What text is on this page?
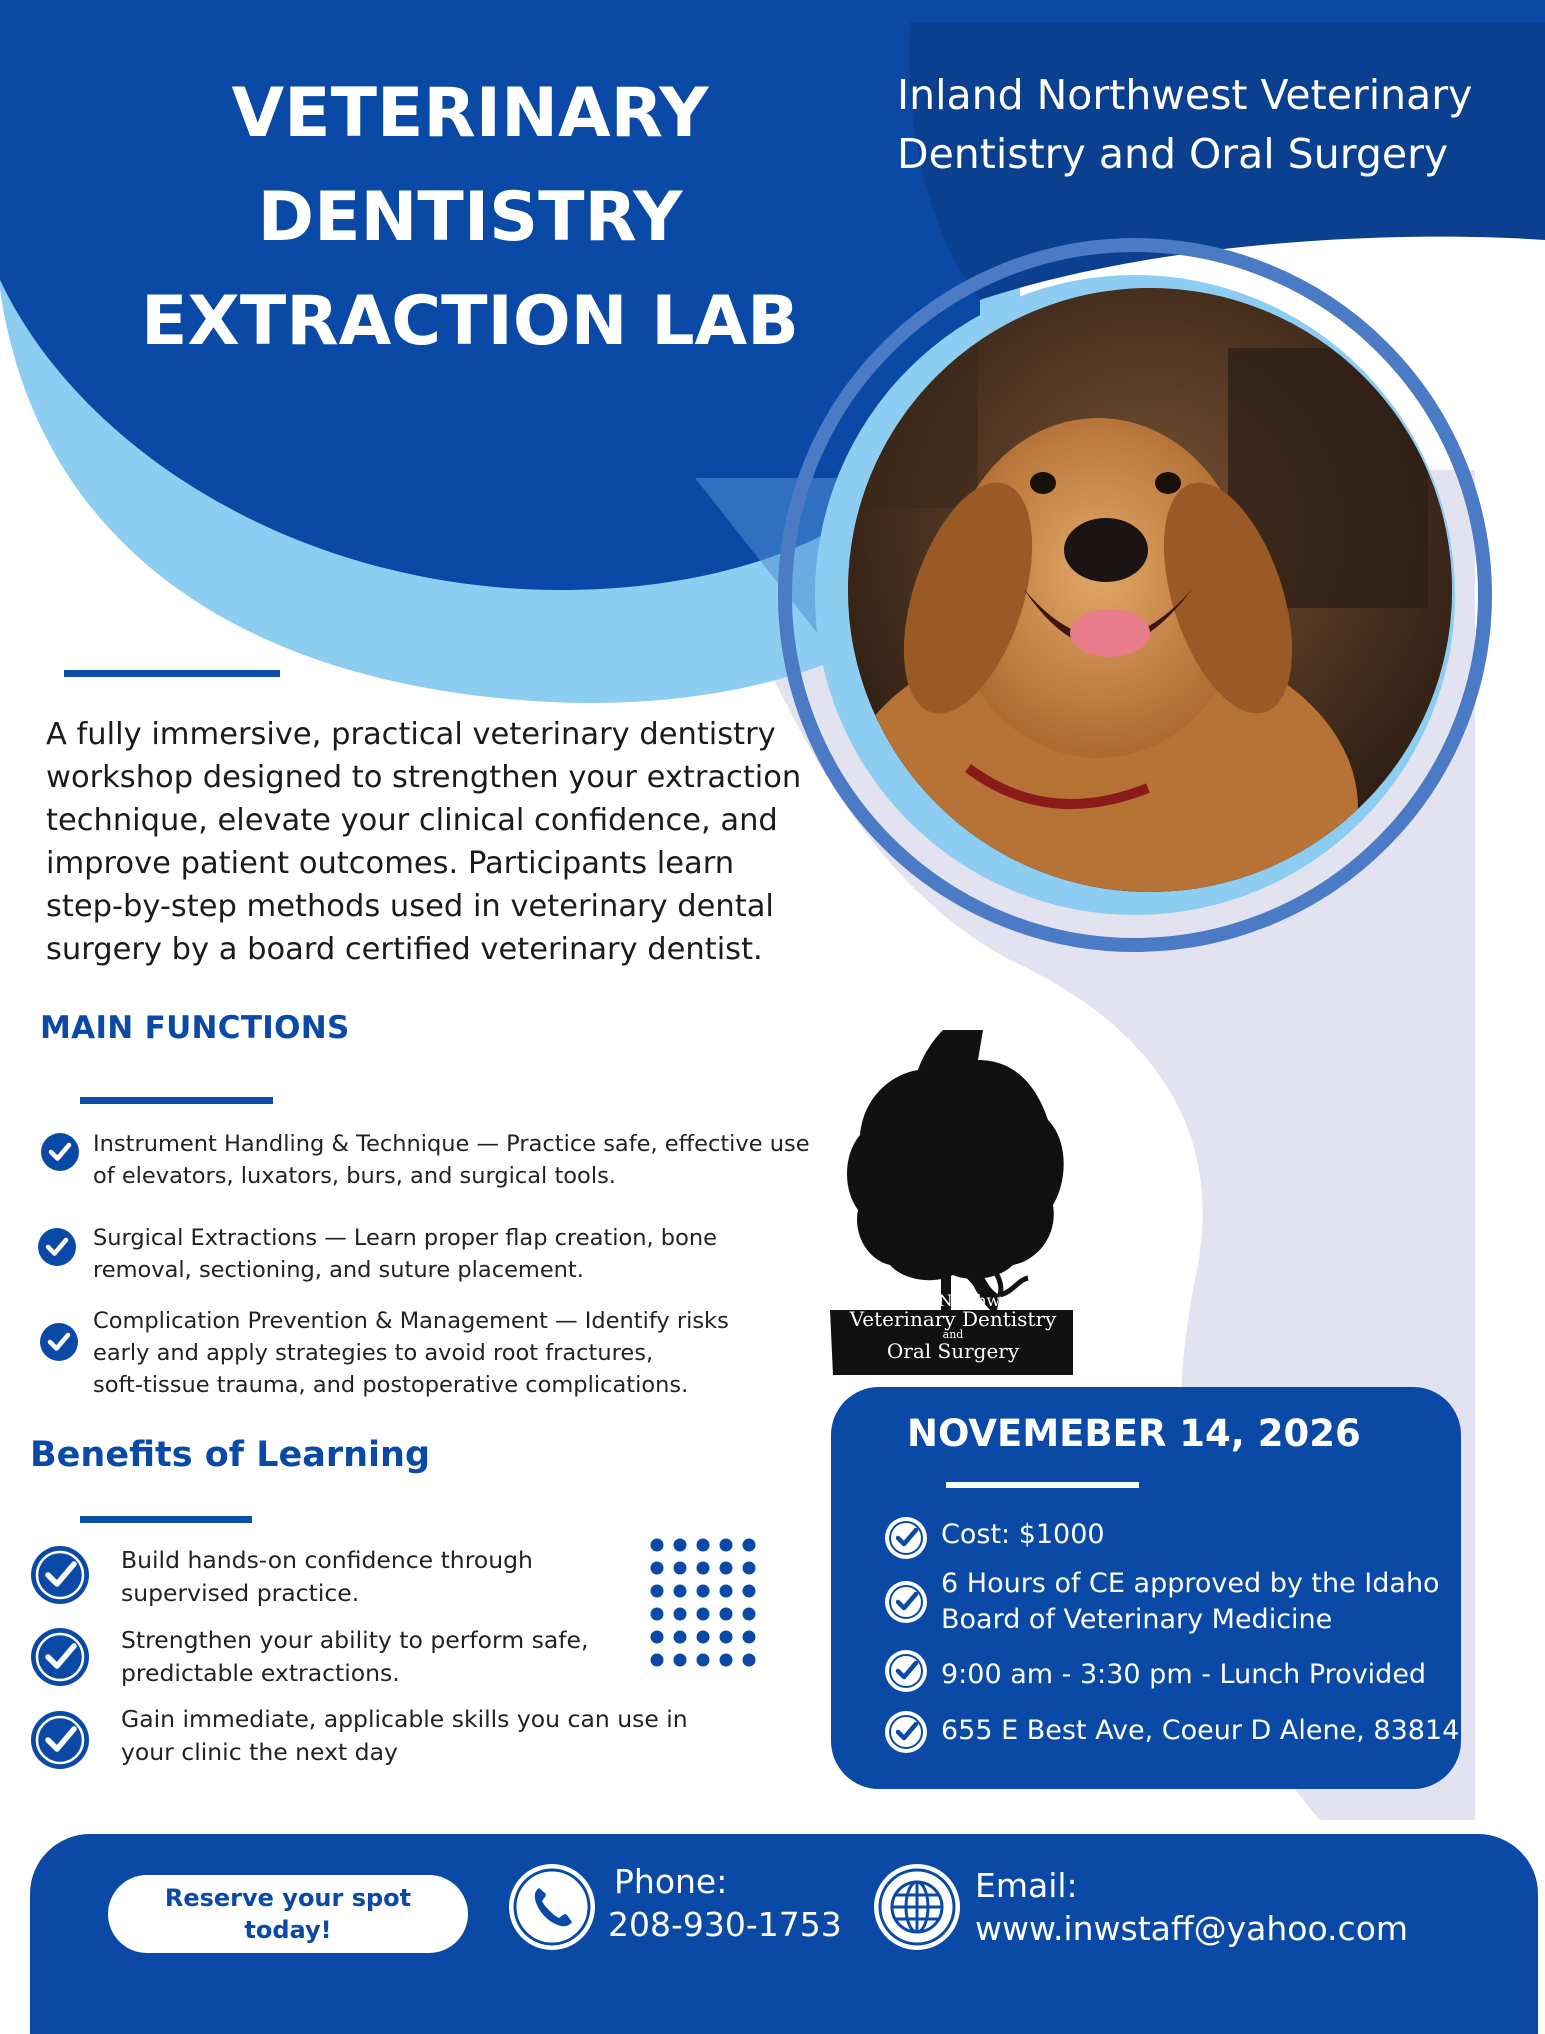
VETERINARY
DENTISTRY
EXTRACTION LAB
Inland Northwest Veterinary
Dentistry and Oral Surgery
A fully immersive, practical veterinary dentistry
workshop designed to strengthen your extraction
technique, elevate your clinical confidence, and
improve patient outcomes. Participants learn
step-by-step methods used in veterinary dental
surgery by a board certified veterinary dentist.
MAIN FUNCTIONS
Instrument Handling & Technique — Practice safe, effective use
of elevators, luxators, burs, and surgical tools.
Surgical Extractions — Learn proper flap creation, bone
removal, sectioning, and suture placement.
Complication Prevention & Management — Identify risks
early and apply strategies to avoid root fractures,
soft-tissue trauma, and postoperative complications.
Benefits of Learning
Build hands-on confidence through
supervised practice.
Strengthen your ability to perform safe,
predictable extractions.
Gain immediate, applicable skills you can use in
your clinic the next day
Inland Northwest
Veterinary Dentistry
and
Oral Surgery
NOVEMEBER 14, 2026
Cost: $1000
6 Hours of CE approved by the Idaho
Board of Veterinary Medicine
9:00 am - 3:30 pm - Lunch Provided
655 E Best Ave, Coeur D Alene, 83814
Reserve your spot
today!
Phone:
208-930-1753
Email:
www.inwstaff@yahoo.com
